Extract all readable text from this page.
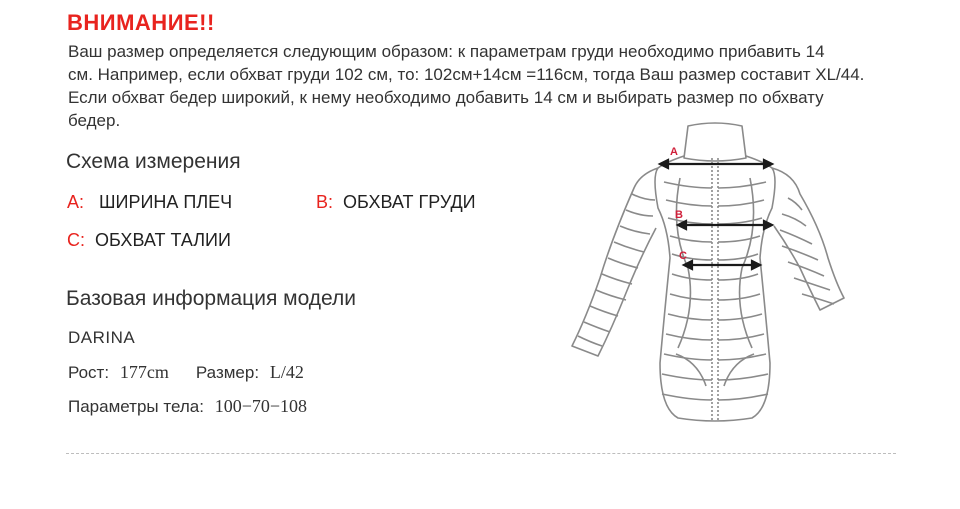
ВНИМАНИЕ!!

Ваш размер определяется следующим образом: к параметрам груди необходимо прибавить 14

см. Например, если обхват груди 102 см, то: 102см+14см =116см, тогда Ваш размер составит XL/44.

Если обхват бедер широкий, к нему необходимо добавить 14 см и выбирать размер по обхвату

бедер.

Схема измерения
A: ШИРИНА ПЛЕЧ	B: ОБХВАТ ГРУДИ
C: ОБХВАТ ТАЛИИ
Базовая информация модели
DARINA
Рост: 177cm Размер: L/42
Параметры тела: 100−70−108
A
B
C
